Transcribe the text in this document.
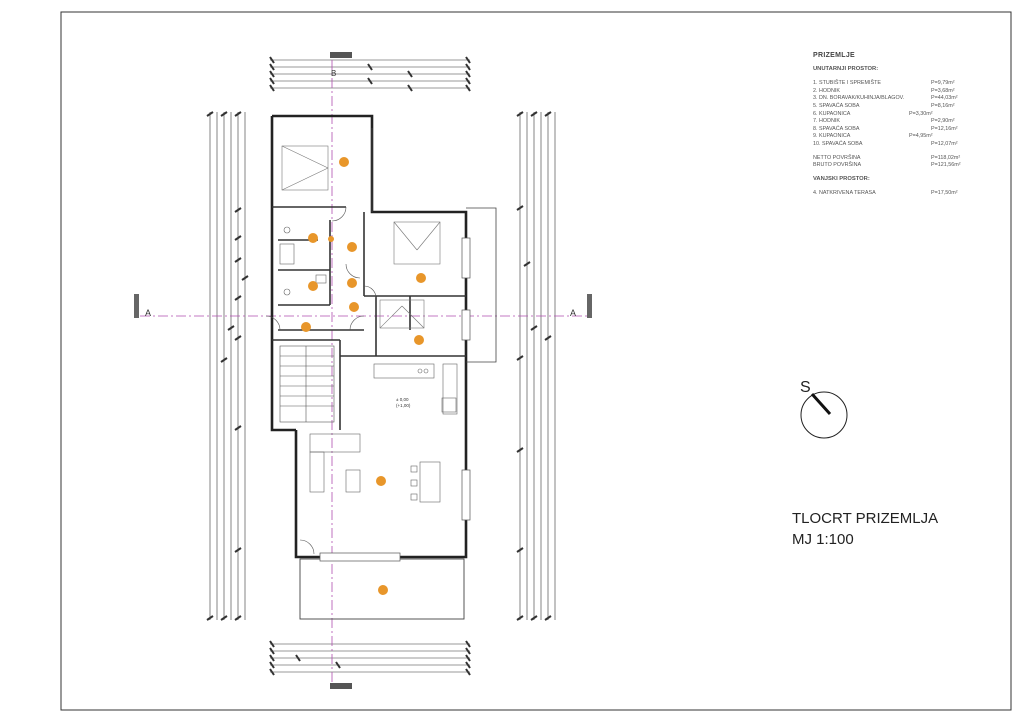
A	A
B
± 0,00
(+1,00)
S
PRIZEMLJE
UNUTARNJI PROSTOR:
1. STUBIŠTE I SPREMIŠTE	P=9,79m²
2. HODNIK	P=3,68m²
3. DN. BORAVAK/KUHINJA/BLAGOV.	P=44,03m²
5. SPAVAĆA SOBA	P=8,16m²
6. KUPAONICA	P=3,30m²
7. HODNIK	P=2,90m²
8. SPAVAĆA SOBA	P=12,16m²
9. KUPAONICA	P=4,95m²
10. SPAVAĆA SOBA	P=12,07m²
NETTO POVRŠINA	P=118,02m²
BRUTO POVRŠINA	P=121,56m²
VANJSKI PROSTOR:
4. NATKRIVENA TERASA	P=17,50m²
TLOCRT PRIZEMLJA
MJ 1:100
